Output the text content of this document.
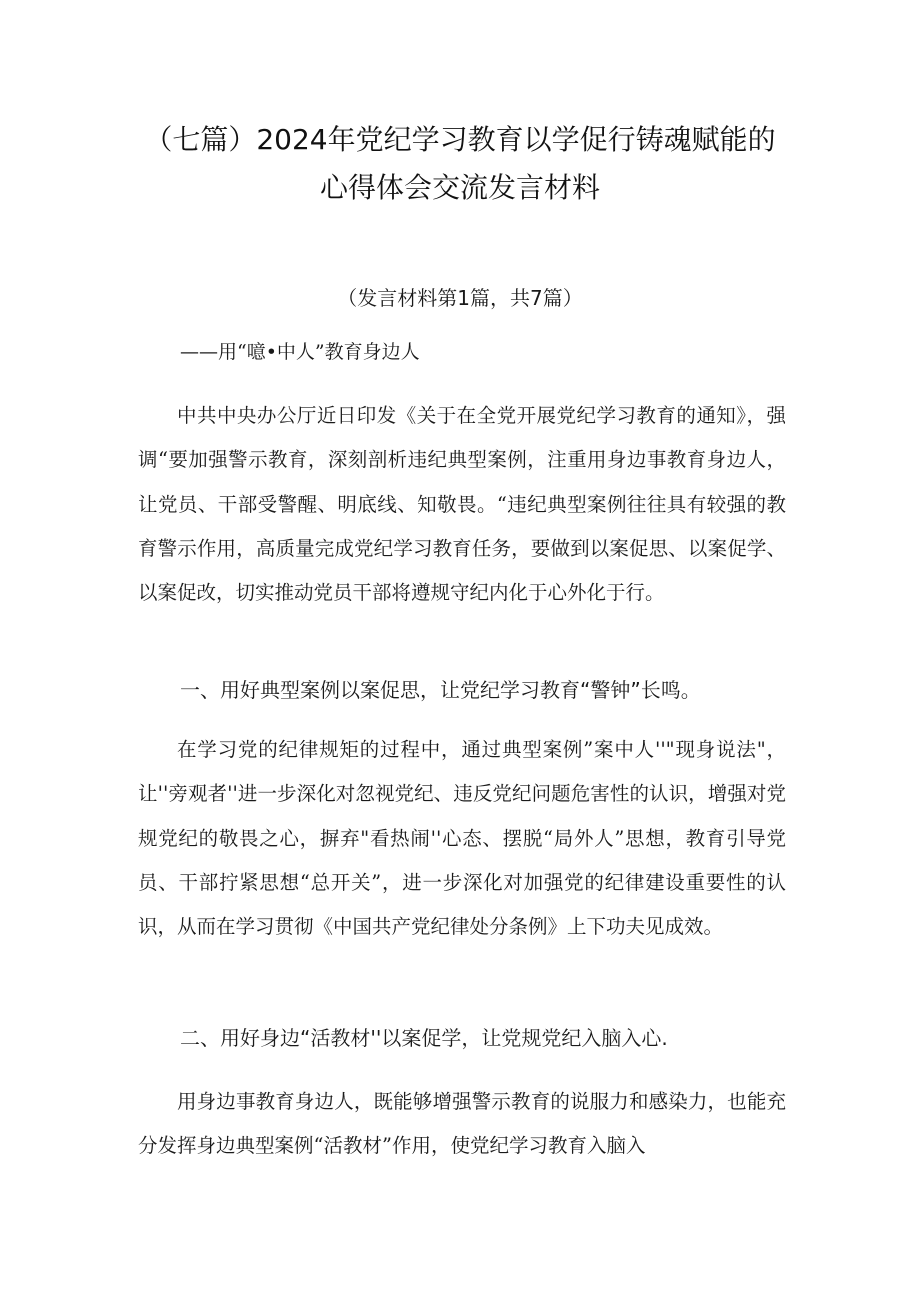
（七篇）2024年党纪学习教育以学促行铸魂赋能的
心得体会交流发言材料
（发言材料第1篇，共7篇）
——用“噫•中人”教育身边人

中共中央办公厅近日印发《关于在全党开展党纪学习教育的通知》，强调“要加强警示教育，深刻剖析违纪典型案例，注重用身边事教育身边人，让党员、干部受警醒、明底线、知敬畏。“违纪典型案例往往具有较强的教育警示作用，高质量完成党纪学习教育任务，要做到以案促思、以案促学、以案促改，切实推动党员干部将遵规守纪内化于心外化于行。

一、用好典型案例以案促思，让党纪学习教育“警钟”长鸣。

在学习党的纪律规矩的过程中，通过典型案例”案中人''"现身说法"，让''旁观者''进一步深化对忽视党纪、违反党纪问题危害性的认识，增强对党规党纪的敬畏之心，摒弃"看热闹''心态、摆脱“局外人”思想，教育引导党员、干部拧紧思想“总开关”，进一步深化对加强党的纪律建设重要性的认识，从而在学习贯彻《中国共产党纪律处分条例》上下功夫见成效。

二、用好身边“活教材''以案促学，让党规党纪入脑入心.

用身边事教育身边人，既能够增强警示教育的说服力和感染力，也能充分发挥身边典型案例“活教材”作用，使党纪学习教育入脑入
